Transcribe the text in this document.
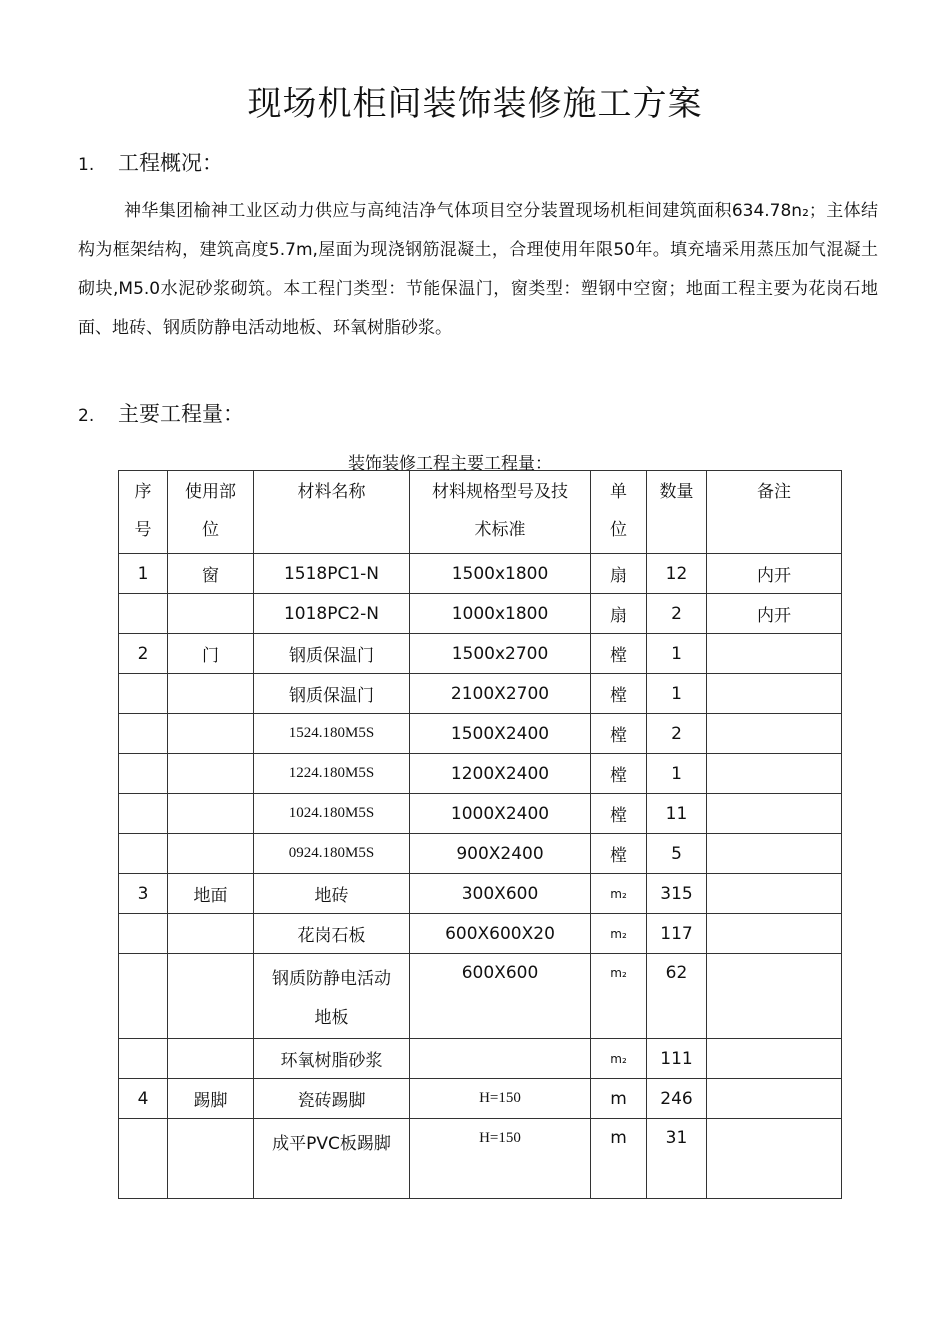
现场机柜间装饰装修施工方案
1. 工程概况：

神华集团榆神工业区动力供应与高纯洁净气体项目空分装置现场机柜间建筑面积634.78n₂；主体结构为框架结构，建筑高度5.7m,屋面为现浇钢筋混凝土，合理使用年限50年。填充墙采用蒸压加气混凝土砌块,M5.0水泥砂浆砌筑。本工程门类型：节能保温门，窗类型：塑钢中空窗；地面工程主要为花岗石地面、地砖、钢质防静电活动地板、环氧树脂砂浆。

2. 主要工程量：
装饰装修工程主要工程量：
序号	使用部位	材料名称	材料规格型号及技术标准	单位	数量	备注
1	窗	1518PC1-N	1500x1800	扇	12	内开
		1018PC2-N	1000x1800	扇	2	内开
2	门	钢质保温门	1500x2700	樘	1	
		钢质保温门	2100X2700	樘	1	
		1524.180M5S	1500X2400	樘	2	
		1224.180M5S	1200X2400	樘	1	
		1024.180M5S	1000X2400	樘	11	
		0924.180M5S	900X2400	樘	5	
3	地面	地砖	300X600	m₂	315	
		花岗石板	600X600X20	m₂	117	

		钢质防静电活动地板	600X600	m₂	62	

		环氧树脂砂浆		m₂	111	
4	踢脚	瓷砖踢脚	H=150	m	246	

		成平PVC板踢脚	H=150	m	31	
